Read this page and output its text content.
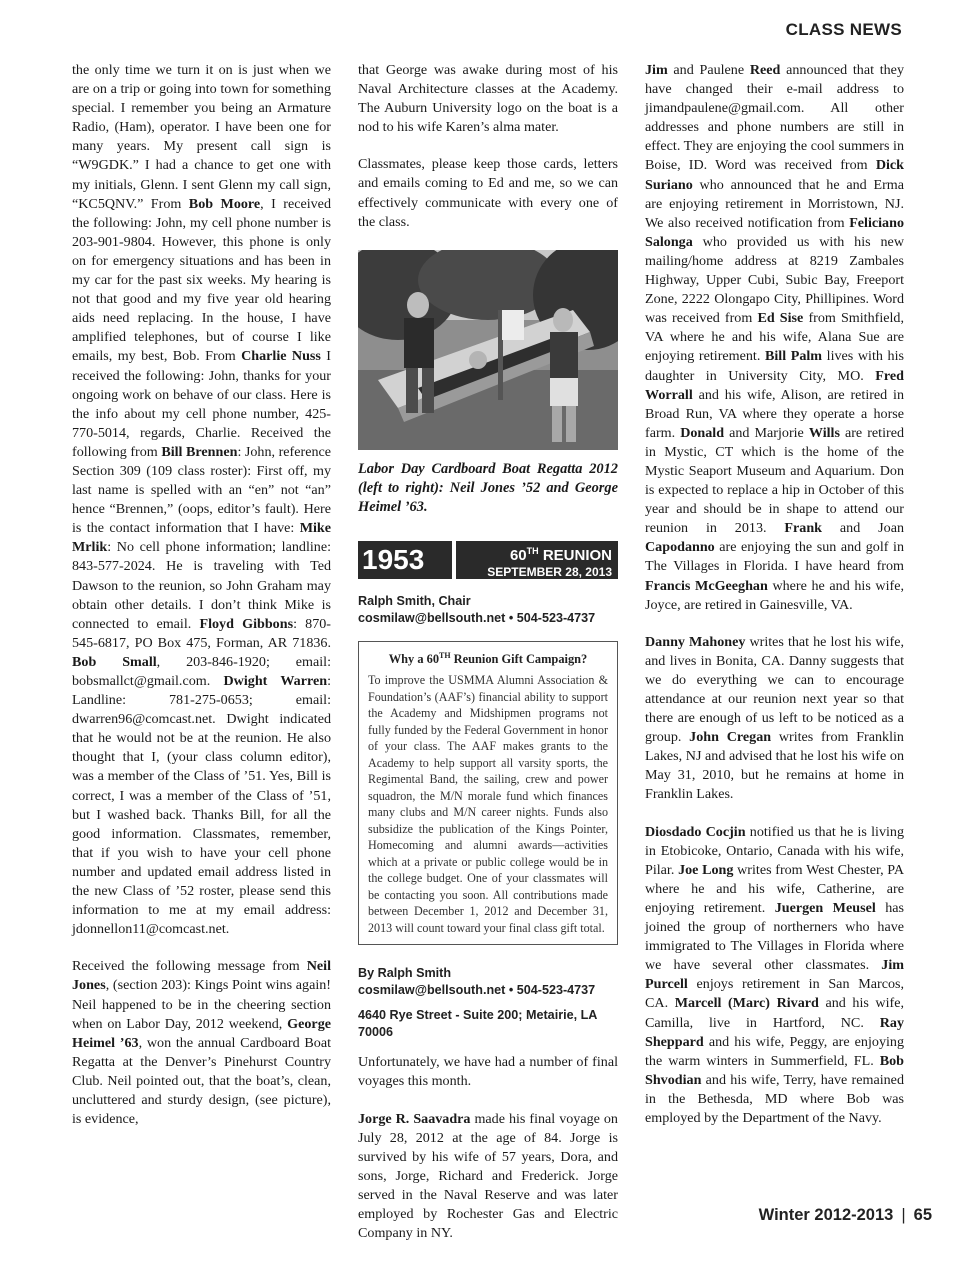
CLASS NEWS

the only time we turn it on is just when we are on a trip or going into town for something special. I remember you being an Armature Radio, (Ham), operator. I have been one for many years. My present call sign is “W9GDK.” I had a chance to get one with my initials, Glenn. I sent Glenn my call sign, “KC5QNV.” From Bob Moore, I received the following: John, my cell phone number is 203-901-9804. However, this phone is only on for emergency situations and has been in my car for the past six weeks. My hearing is not that good and my five year old hearing aids need replacing. In the house, I have amplified telephones, but of course I like emails, my best, Bob. From Charlie Nuss I received the following: John, thanks for your ongoing work on behave of our class. Here is the info about my cell phone number, 425-770-5014, regards, Charlie. Received the following from Bill Brennen: John, reference Section 309 (109 class roster): First off, my last name is spelled with an “en” not “an” hence “Brennen,” (oops, editor’s fault). Here is the contact information that I have: Mike Mrlik: No cell phone information; landline: 843-577-2024. He is traveling with Ted Dawson to the reunion, so John Graham may obtain other details. I don’t think Mike is connected to email. Floyd Gibbons: 870-545-6817, PO Box 475, Forman, AR 71836. Bob Small, 203-846-1920; email: bobsmallct@gmail.com. Dwight Warren: Landline: 781-275-0653; email: dwarren96@comcast.net. Dwight indicated that he would not be at the reunion. He also thought that I, (your class column editor), was a member of the Class of ’51. Yes, Bill is correct, I was a member of the Class of ’51, but I washed back. Thanks Bill, for all the good information. Classmates, remember, that if you wish to have your cell phone number and updated email address listed in the new Class of ’52 roster, please send this information to me at my email address: jdonnellon11@comcast.net.

Received the following message from Neil Jones, (section 203): Kings Point wins again! Neil happened to be in the cheering section when on Labor Day, 2012 weekend, George Heimel ’63, won the annual Cardboard Boat Regatta at the Denver’s Pinehurst Country Club. Neil pointed out, that the boat’s, clean, uncluttered and sturdy design, (see picture), is evidence,

that George was awake during most of his Naval Architecture classes at the Academy. The Auburn University logo on the boat is a nod to his wife Karen’s alma mater.

Classmates, please keep those cards, letters and emails coming to Ed and me, so we can effectively communicate with every one of the class.

Labor Day Cardboard Boat Regatta 2012 (left to right): Neil Jones ’52 and George Heimel ’63.
1953	60TH REUNION
SEPTEMBER 28, 2013
Ralph Smith, Chair
cosmilaw@bellsouth.net • 504-523-4737
Why a 60TH Reunion Gift Campaign?

To improve the USMMA Alumni Association & Foundation’s (AAF’s) financial ability to support the Academy and Midshipmen programs not fully funded by the Federal Government in honor of your class. The AAF makes grants to the Academy to help support all varsity sports, the Regimental Band, the sailing, crew and power squadron, the M/N morale fund which finances many clubs and M/N career nights. Funds also subsidize the publication of the Kings Pointer, Homecoming and alumni awards—activities which at a private or public college would be in the college budget. One of your classmates will be contacting you soon. All contributions made between December 1, 2012 and December 31, 2013 will count toward your final class gift total.

By Ralph Smith
cosmilaw@bellsouth.net • 504-523-4737
4640 Rye Street - Suite 200; Metairie, LA 70006

Unfortunately, we have had a number of final voyages this month.

Jorge R. Saavadra made his final voyage on July 28, 2012 at the age of 84. Jorge is survived by his wife of 57 years, Dora, and sons, Jorge, Richard and Frederick. Jorge served in the Naval Reserve and was later employed by Rochester Gas and Electric Company in NY.

Jim and Paulene Reed announced that they have changed their e-mail address to jimandpaulene@gmail.com. All other addresses and phone numbers are still in effect. They are enjoying the cool summers in Boise, ID. Word was received from Dick Suriano who announced that he and Erma are enjoying retirement in Morristown, NJ. We also received notification from Feliciano Salonga who provided us with his new mailing/home address at 8219 Zambales Highway, Upper Cubi, Subic Bay, Freeport Zone, 2222 Olongapo City, Phillipines. Word was received from Ed Sise from Smithfield, VA where he and his wife, Alana Sue are enjoying retirement. Bill Palm lives with his daughter in University City, MO. Fred Worrall and his wife, Alison, are retired in Broad Run, VA where they operate a horse farm. Donald and Marjorie Wills are retired in Mystic, CT which is the home of the Mystic Seaport Museum and Aquarium. Don is expected to replace a hip in October of this year and should be in shape to attend our reunion in 2013. Frank and Joan Capodanno are enjoying the sun and golf in The Villages in Florida. I have heard from Francis McGeeghan where he and his wife, Joyce, are retired in Gainesville, VA.

Danny Mahoney writes that he lost his wife, and lives in Bonita, CA. Danny suggests that we do everything we can to encourage attendance at our reunion next year so that there are enough of us left to be noticed as a group. John Cregan writes from Franklin Lakes, NJ and advised that he lost his wife on May 31, 2010, but he remains at home in Franklin Lakes.

Diosdado Cocjin notified us that he is living in Etobicoke, Ontario, Canada with his wife, Pilar. Joe Long writes from West Chester, PA where he and his wife, Catherine, are enjoying retirement. Juergen Meusel has joined the group of northerners who have immigrated to The Villages in Florida where we have several other classmates. Jim Purcell enjoys retirement in San Marcos, CA. Marcell (Marc) Rivard and his wife, Camilla, live in Hartford, NC. Ray Sheppard and his wife, Peggy, are enjoying the warm winters in Summerfield, FL. Bob Shvodian and his wife, Terry, have remained in the Bethesda, MD where Bob was employed by the Department of the Navy.

Winter 2012-2013 | 65
